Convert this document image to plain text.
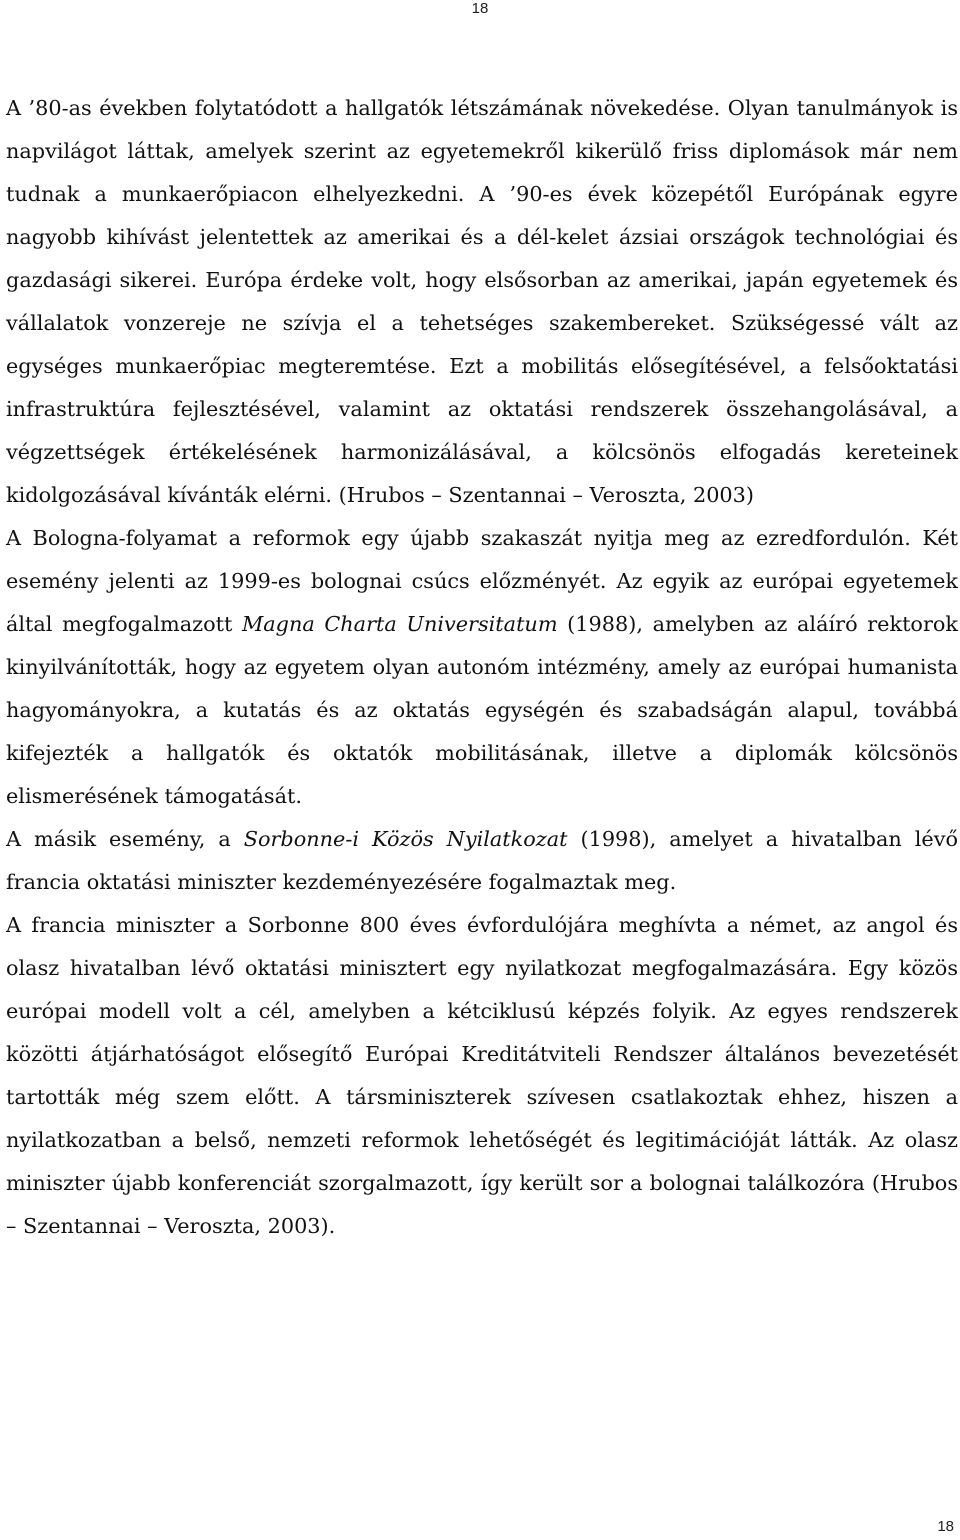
18

A ’80-as években folytatódott a hallgatók létszámának növekedése. Olyan tanulmányok is napvilágot láttak, amelyek szerint az egyetemekről kikerülő friss diplomások már nem tudnak a munkaerőpiacon elhelyezkedni. A ’90-es évek közepétől Európának egyre nagyobb kihívást jelentettek az amerikai és a dél-kelet ázsiai országok technológiai és gazdasági sikerei. Európa érdeke volt, hogy elsősorban az amerikai, japán egyetemek és vállalatok vonzereje ne szívja el a tehetséges szakembereket. Szükségessé vált az egységes munkaerőpiac megteremtése. Ezt a mobilitás elősegítésével, a felsőoktatási infrastruktúra fejlesztésével, valamint az oktatási rendszerek összehangolásával, a végzettségek értékelésének harmonizálásával, a kölcsönös elfogadás kereteinek kidolgozásával kívánták elérni. (Hrubos – Szentannai – Veroszta, 2003)

A Bologna-folyamat a reformok egy újabb szakaszát nyitja meg az ezredfordulón. Két esemény jelenti az 1999-es bolognai csúcs előzményét. Az egyik az európai egyetemek által megfogalmazott Magna Charta Universitatum (1988), amelyben az aláíró rektorok kinyilvánították, hogy az egyetem olyan autonóm intézmény, amely az európai humanista hagyományokra, a kutatás és az oktatás egységén és szabadságán alapul, továbbá kifejezték a hallgatók és oktatók mobilitásának, illetve a diplomák kölcsönös elismerésének támogatását.

A másik esemény, a Sorbonne-i Közös Nyilatkozat (1998), amelyet a hivatalban lévő francia oktatási miniszter kezdeményezésére fogalmaztak meg.

A francia miniszter a Sorbonne 800 éves évfordulójára meghívta a német, az angol és olasz hivatalban lévő oktatási minisztert egy nyilatkozat megfogalmazására. Egy közös európai modell volt a cél, amelyben a kétciklusú képzés folyik. Az egyes rendszerek közötti átjárhatóságot elősegítő Európai Kreditátviteli Rendszer általános bevezetését tartották még szem előtt. A társminiszterek szívesen csatlakoztak ehhez, hiszen a nyilatkozatban a belső, nemzeti reformok lehetőségét és legitimációját látták. Az olasz miniszter újabb konferenciát szorgalmazott, így került sor a bolognai találkozóra (Hrubos – Szentannai – Veroszta, 2003).

18
